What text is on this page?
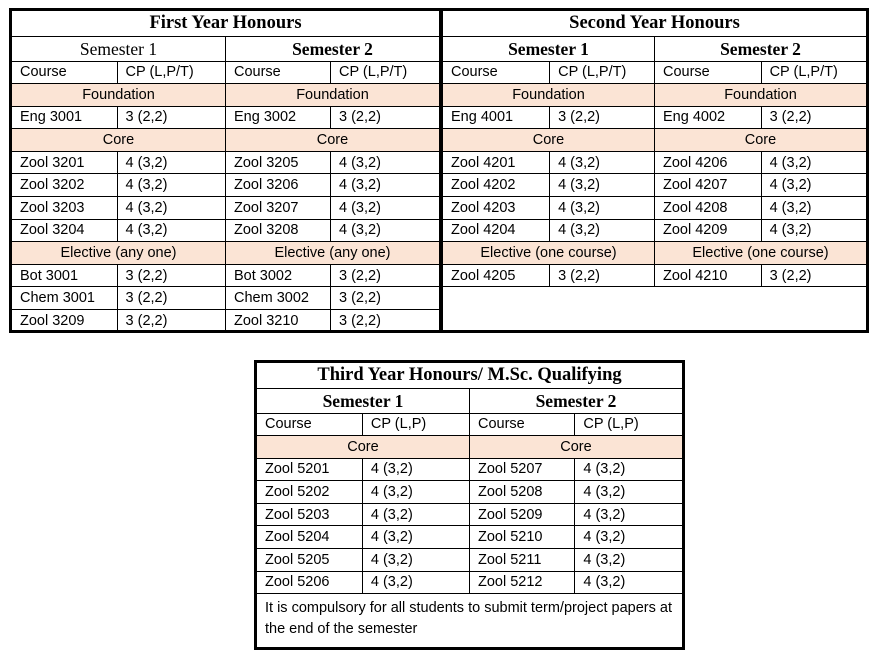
First Year Honours			
Semester 1		Semester 2	
Course	CP (L,P/T)	Course	CP (L,P/T)
Foundation		Foundation	
Eng 3001	3 (2,2)	Eng 3002	3 (2,2)
Core		Core	
Zool 3201	4 (3,2)	Zool 3205	4 (3,2)
Zool 3202	4 (3,2)	Zool 3206	4 (3,2)
Zool 3203	4 (3,2)	Zool 3207	4 (3,2)
Zool 3204	4 (3,2)	Zool 3208	4 (3,2)
Elective (any one)		Elective (any one)	
Bot 3001	3 (2,2)	Bot 3002	3 (2,2)
Chem 3001	3 (2,2)	Chem 3002	3 (2,2)
Zool 3209	3 (2,2)	Zool 3210	3 (2,2)
Second Year Honours			
Semester 1		Semester 2	
Course	CP (L,P/T)	Course	CP (L,P/T)
Foundation		Foundation	
Eng 4001	3 (2,2)	Eng 4002	3 (2,2)
Core		Core	
Zool 4201	4 (3,2)	Zool 4206	4 (3,2)
Zool 4202	4 (3,2)	Zool 4207	4 (3,2)
Zool 4203	4 (3,2)	Zool 4208	4 (3,2)
Zool 4204	4 (3,2)	Zool 4209	4 (3,2)
Elective (one course)		Elective (one course)	
Zool 4205	3 (2,2)	Zool 4210	3 (2,2)
Third Year Honours/ M.Sc. Qualifying			
Semester 1		Semester 2	
Course	CP (L,P)	Course	CP (L,P)
Core		Core	
Zool 5201	4 (3,2)	Zool 5207	4 (3,2)
Zool 5202	4 (3,2)	Zool 5208	4 (3,2)
Zool 5203	4 (3,2)	Zool 5209	4 (3,2)
Zool 5204	4 (3,2)	Zool 5210	4 (3,2)
Zool 5205	4 (3,2)	Zool 5211	4 (3,2)
Zool 5206	4 (3,2)	Zool 5212	4 (3,2)
It is compulsory for all students to submit term/project papers at the end of the semester			
